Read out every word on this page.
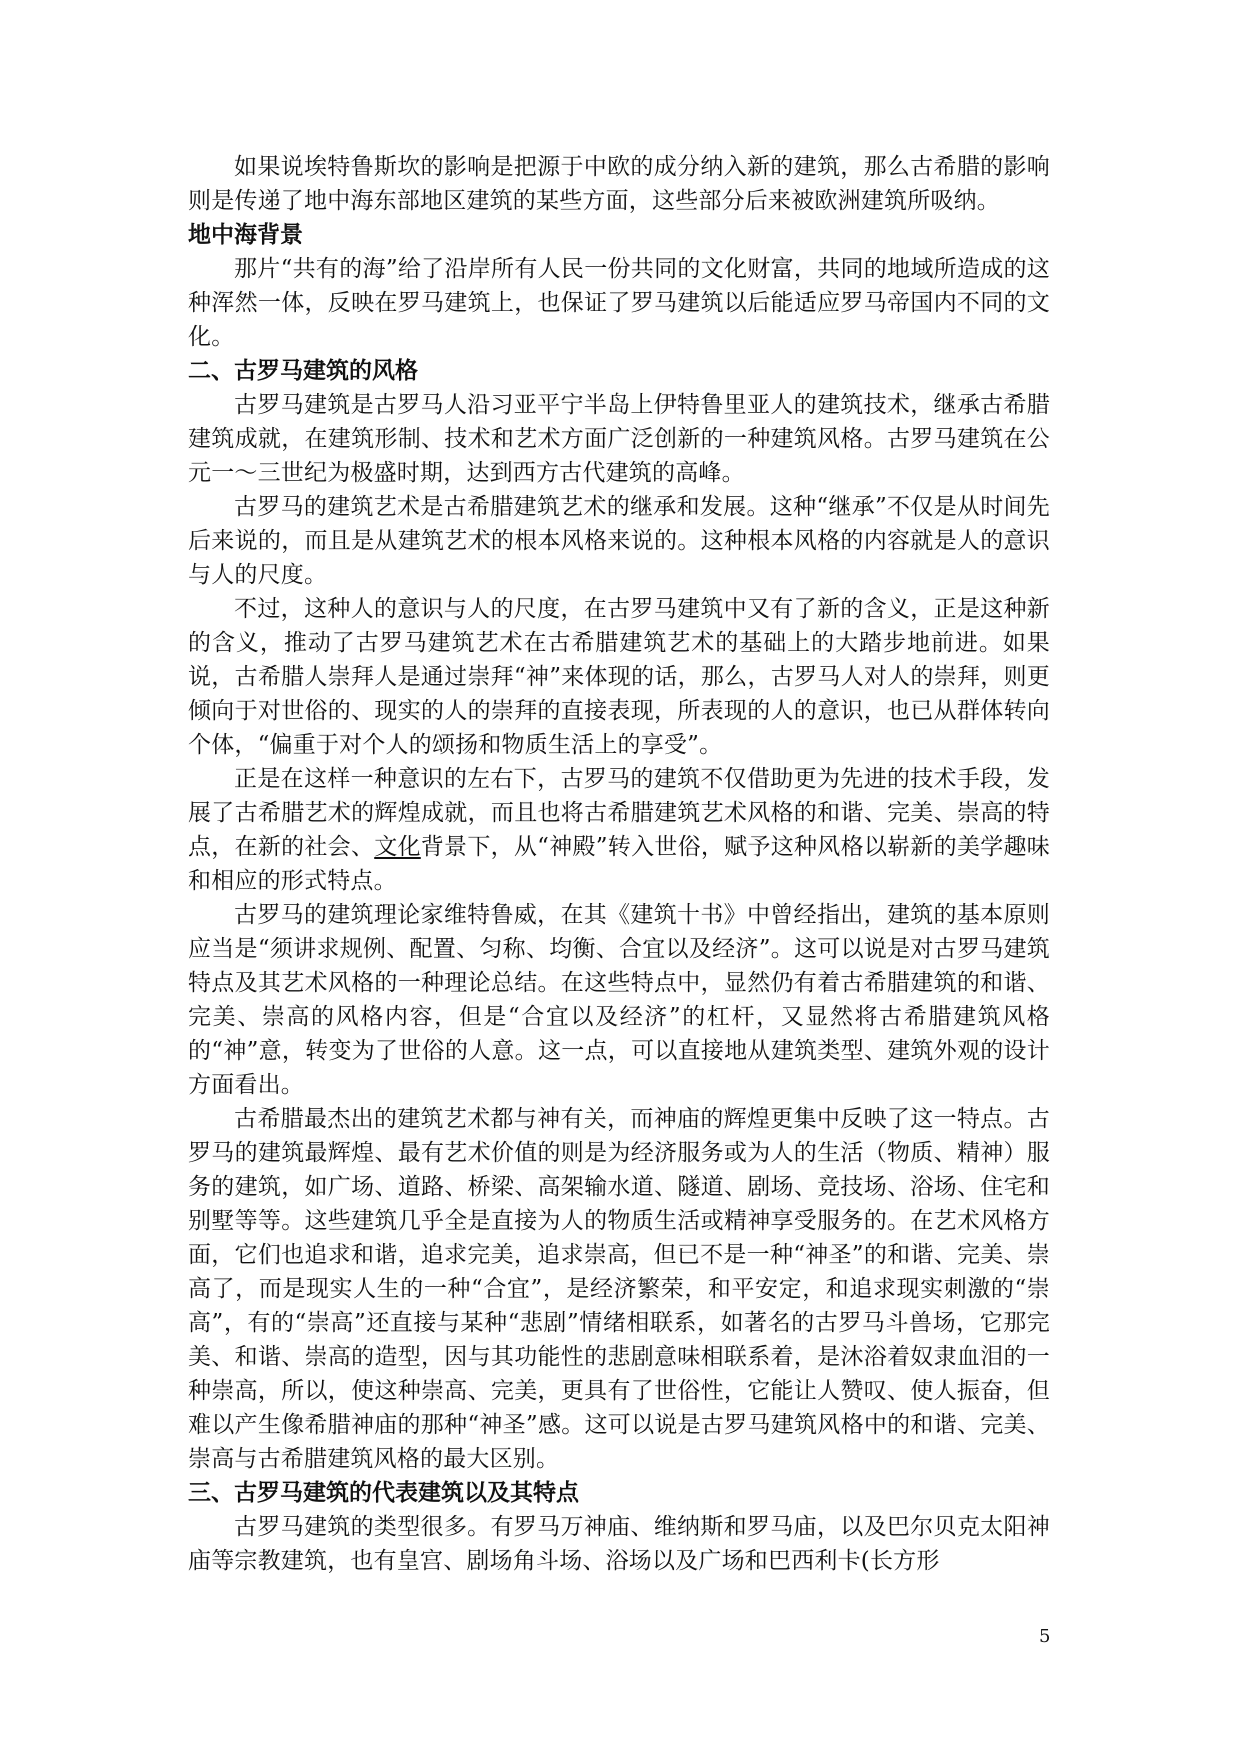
如果说埃特鲁斯坎的影响是把源于中欧的成分纳入新的建筑，那么古希腊的影响则是传递了地中海东部地区建筑的某些方面，这些部分后来被欧洲建筑所吸纳。

地中海背景

那片“共有的海”给了沿岸所有人民一份共同的文化财富，共同的地域所造成的这种浑然一体，反映在罗马建筑上，也保证了罗马建筑以后能适应罗马帝国内不同的文化。

二、古罗马建筑的风格

古罗马建筑是古罗马人沿习亚平宁半岛上伊特鲁里亚人的建筑技术，继承古希腊建筑成就，在建筑形制、技术和艺术方面广泛创新的一种建筑风格。古罗马建筑在公元一～三世纪为极盛时期，达到西方古代建筑的高峰。

古罗马的建筑艺术是古希腊建筑艺术的继承和发展。这种“继承”不仅是从时间先后来说的，而且是从建筑艺术的根本风格来说的。这种根本风格的内容就是人的意识与人的尺度。

不过，这种人的意识与人的尺度，在古罗马建筑中又有了新的含义，正是这种新的含义，推动了古罗马建筑艺术在古希腊建筑艺术的基础上的大踏步地前进。如果说，古希腊人崇拜人是通过崇拜“神”来体现的话，那么，古罗马人对人的崇拜，则更倾向于对世俗的、现实的人的崇拜的直接表现，所表现的人的意识，也已从群体转向个体，“偏重于对个人的颂扬和物质生活上的享受”。

正是在这样一种意识的左右下，古罗马的建筑不仅借助更为先进的技术手段，发展了古希腊艺术的辉煌成就，而且也将古希腊建筑艺术风格的和谐、完美、崇高的特点，在新的社会、文化背景下，从“神殿”转入世俗，赋予这种风格以崭新的美学趣味和相应的形式特点。

古罗马的建筑理论家维特鲁威，在其《建筑十书》中曾经指出，建筑的基本原则应当是“须讲求规例、配置、匀称、均衡、合宜以及经济”。这可以说是对古罗马建筑特点及其艺术风格的一种理论总结。在这些特点中，显然仍有着古希腊建筑的和谐、完美、崇高的风格内容，但是“合宜以及经济”的杠杆，又显然将古希腊建筑风格的“神”意，转变为了世俗的人意。这一点，可以直接地从建筑类型、建筑外观的设计方面看出。

古希腊最杰出的建筑艺术都与神有关，而神庙的辉煌更集中反映了这一特点。古罗马的建筑最辉煌、最有艺术价值的则是为经济服务或为人的生活（物质、精神）服务的建筑，如广场、道路、桥梁、高架输水道、隧道、剧场、竞技场、浴场、住宅和别墅等等。这些建筑几乎全是直接为人的物质生活或精神享受服务的。在艺术风格方面，它们也追求和谐，追求完美，追求崇高，但已不是一种“神圣”的和谐、完美、崇高了，而是现实人生的一种“合宜”，是经济繁荣，和平安定，和追求现实刺激的“崇高”，有的“崇高”还直接与某种“悲剧”情绪相联系，如著名的古罗马斗兽场，它那完美、和谐、崇高的造型，因与其功能性的悲剧意味相联系着，是沐浴着奴隶血泪的一种崇高，所以，使这种崇高、完美，更具有了世俗性，它能让人赞叹、使人振奋，但难以产生像希腊神庙的那种“神圣”感。这可以说是古罗马建筑风格中的和谐、完美、崇高与古希腊建筑风格的最大区别。

三、古罗马建筑的代表建筑以及其特点

古罗马建筑的类型很多。有罗马万神庙、维纳斯和罗马庙，以及巴尔贝克太阳神庙等宗教建筑，也有皇宫、剧场角斗场、浴场以及广场和巴西利卡(长方形

5
